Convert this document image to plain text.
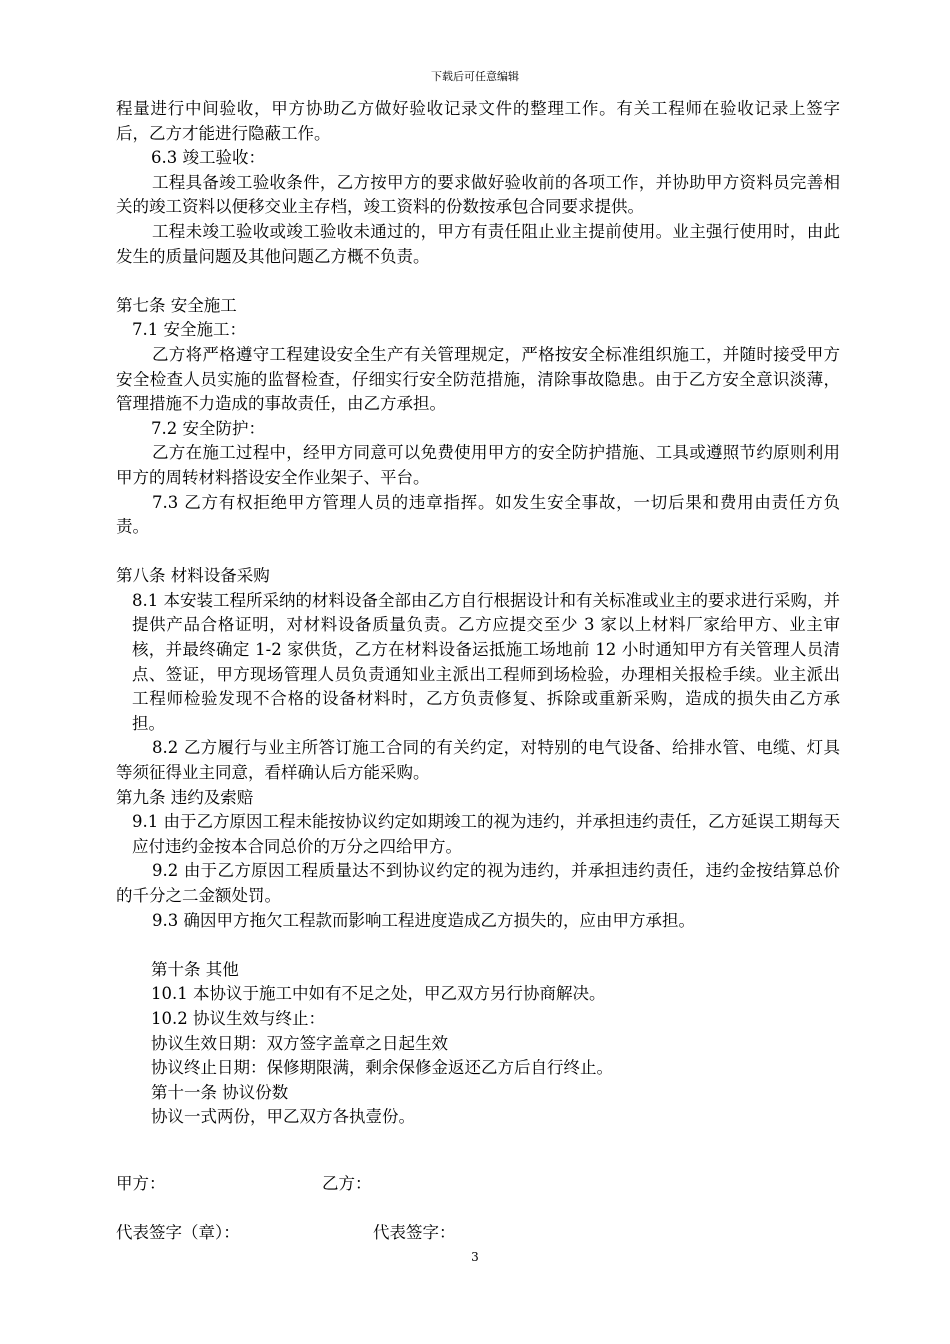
下载后可任意编辑

程量进行中间验收，甲方协助乙方做好验收记录文件的整理工作。有关工程师在验收记录上签字后，乙方才能进行隐蔽工作。

6.3 竣工验收：

工程具备竣工验收条件，乙方按甲方的要求做好验收前的各项工作，并协助甲方资料员完善相关的竣工资料以便移交业主存档，竣工资料的份数按承包合同要求提供。

工程未竣工验收或竣工验收未通过的，甲方有责任阻止业主提前使用。业主强行使用时，由此发生的质量问题及其他问题乙方概不负责。

第七条 安全施工

7.1 安全施工：

乙方将严格遵守工程建设安全生产有关管理规定，严格按安全标准组织施工，并随时接受甲方安全检查人员实施的监督检查，仔细实行安全防范措施，清除事故隐患。由于乙方安全意识淡薄，管理措施不力造成的事故责任，由乙方承担。

7.2 安全防护：

乙方在施工过程中，经甲方同意可以免费使用甲方的安全防护措施、工具或遵照节约原则利用甲方的周转材料搭设安全作业架子、平台。

7.3 乙方有权拒绝甲方管理人员的违章指挥。如发生安全事故，一切后果和费用由责任方负责。

第八条 材料设备采购

8.1 本安装工程所采纳的材料设备全部由乙方自行根据设计和有关标准或业主的要求进行采购，并提供产品合格证明，对材料设备质量负责。乙方应提交至少 3 家以上材料厂家给甲方、业主审核，并最终确定 1-2 家供货，乙方在材料设备运抵施工场地前 12 小时通知甲方有关管理人员清点、签证，甲方现场管理人员负责通知业主派出工程师到场检验，办理相关报检手续。业主派出工程师检验发现不合格的设备材料时，乙方负责修复、拆除或重新采购，造成的损失由乙方承担。

8.2 乙方履行与业主所答订施工合同的有关约定，对特别的电气设备、给排水管、电缆、灯具等须征得业主同意，看样确认后方能采购。

第九条 违约及索赔

9.1 由于乙方原因工程未能按协议约定如期竣工的视为违约，并承担违约责任，乙方延误工期每天应付违约金按本合同总价的万分之四给甲方。

9.2 由于乙方原因工程质量达不到协议约定的视为违约，并承担违约责任，违约金按结算总价的千分之二金额处罚。

9.3 确因甲方拖欠工程款而影响工程进度造成乙方损失的，应由甲方承担。

第十条 其他

10.1 本协议于施工中如有不足之处，甲乙双方另行协商解决。

10.2 协议生效与终止：

协议生效日期：双方签字盖章之日起生效

协议终止日期：保修期限满，剩余保修金返还乙方后自行终止。

第十一条 协议份数

协议一式两份，甲乙双方各执壹份。

甲方：	乙方：
代表签字（章）：	代表签字：
3
